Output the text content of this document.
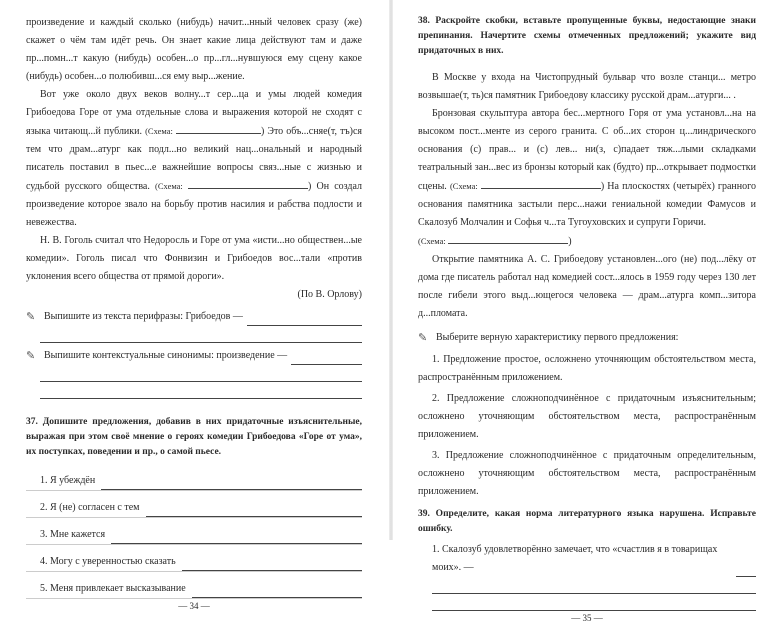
произведение и каждый сколько (нибудь) начит...нный человек сразу (же) скажет о чём там идёт речь. Он знает какие лица действуют там и даже пр...помн...т какую (нибудь) особен...о пр...гл...нувшуюся ему сцену какое (нибудь) особен...о полюбивш...ся ему выр...жение.

Вот уже около двух веков волну...т сер...ца и умы людей комедия Грибоедова Горе от ума отдельные слова и выражения которой не сходят с языка читающ...й публики. (Схема:	) Это объ...сняе(т, тъ)ся тем что драм...атург как подл...но великий нац...ональный и народный писатель поставил в пьес...е важнейшие вопросы связ...ные с жизнью и судьбой русского общества. (Схема:	) Он создал произведение которое звало на борьбу против насилия и рабства подлости и невежества.

Н. В. Гоголь считал что Недоросль и Горе от ума «исти...но обществен...ые комедии». Гоголь писал что Фонвизин и Грибоедов вос...тали «против уклонения всего общества от прямой дороги».

(По В. Орлову)

✎ Выпишите из текста перифразы: Грибоедов —
✎ Выпишите контекстуальные синонимы: произведение —

37. Допишите предложения, добавив в них придаточные изъяснительные, выражая при этом своё мнение о героях комедии Грибоедова «Горе от ума», их поступках, поведении и пр., о самой пьесе.

1. Я убеждён
2. Я (не) согласен с тем
3. Мне кажется
4. Могу с уверенностью сказать
5. Меня привлекает высказывание
— 34 —

38. Раскройте скобки, вставьте пропущенные буквы, недостающие знаки препинания. Начертите схемы отмеченных предложений; укажите вид придаточных в них.

В Москве у входа на Чистопрудный бульвар что возле станци... метро возвышае(т, ть)ся памятник Грибоедову классику русской драм...атурги... .

Бронзовая скульптура автора бес...мертного Горя от ума установл...на на высоком пост...менте из серого гранита. С об...их сторон ц...линдрического основания (с) прав... и (с) лев... ни(з, с)падает тяж...лыми складками театральный зан...вес из бронзы который как (будто) пр...открывает подмостки сцены. (Схема:	) На плоскостях (четырёх) гранного основания памятника застыли перс...нажи гениальной комедии Фамусов и Скалозуб Молчалин и Софья ч...та Тугоуховских и супруги Горичи.
(Схема:	)

Открытие памятника А. С. Грибоедову установлен...ого (не) под...лёку от дома где писатель работал над комедией сост...ялось в 1959 году через 130 лет после гибели этого выд...ющегося человека — драм...атурга комп...зитора д...пломата.

✎ Выберите верную характеристику первого предложения:

1. Предложение простое, осложнено уточняющим обстоятельством места, распространённым приложением.

2. Предложение сложноподчинённое с придаточным изъяснительным; осложнено уточняющим обстоятельством места, распространённым приложением.

3. Предложение сложноподчинённое с придаточным определительным, осложнено уточняющим обстоятельством места, распространённым приложением.

39. Определите, какая норма литературного языка нарушена. Исправьте ошибку.

1. Скалозуб удовлетворённо замечает, что «счастлив я в товарищах моих». —
— 35 —
